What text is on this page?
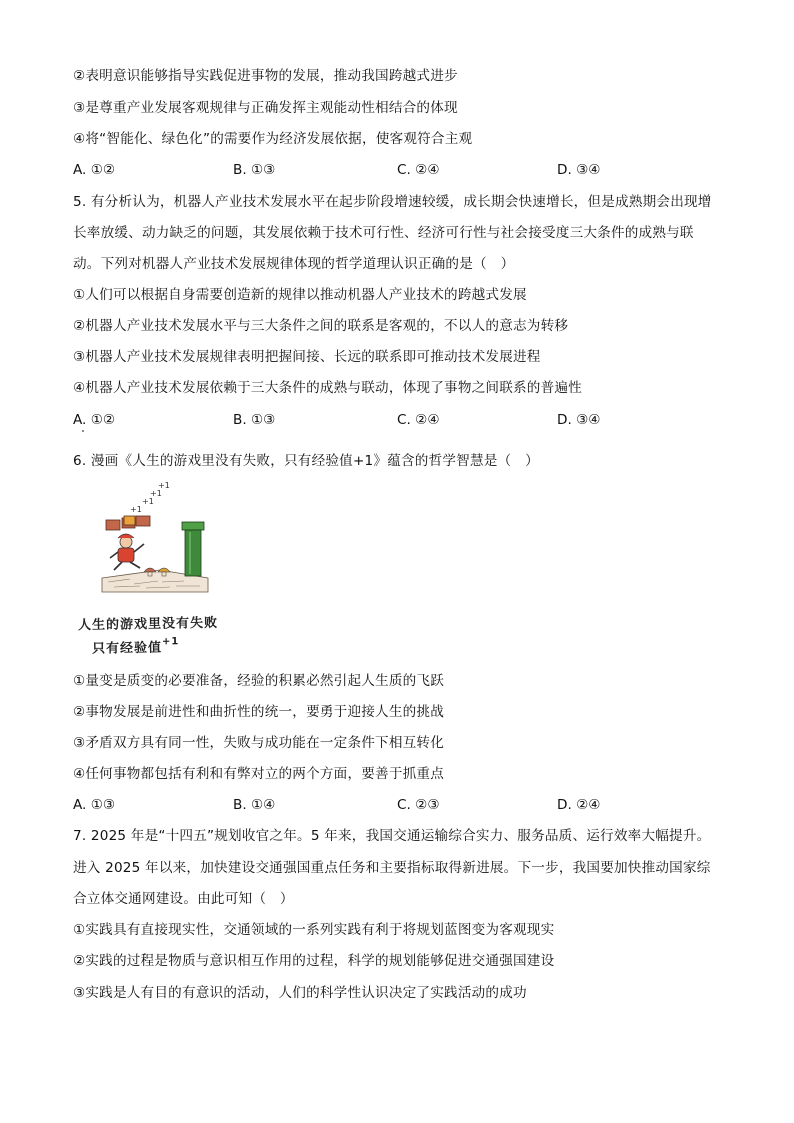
②表明意识能够指导实践促进事物的发展，推动我国跨越式进步
③是尊重产业发展客观规律与正确发挥主观能动性相结合的体现
④将“智能化、绿色化”的需要作为经济发展依据，使客观符合主观
A. ①②	B. ①③	C. ②④	D. ③④
5. 有分析认为，机器人产业技术发展水平在起步阶段增速较缓，成长期会快速增长，但是成熟期会出现增
长率放缓、动力缺乏的问题，其发展依赖于技术可行性、经济可行性与社会接受度三大条件的成熟与联
动。下列对机器人产业技术发展规律体现的哲学道理认识正确的是（　）
①人们可以根据自身需要创造新的规律以推动机器人产业技术的跨越式发展
②机器人产业技术发展水平与三大条件之间的联系是客观的，不以人的意志为转移
③机器人产业技术发展规律表明把握间接、长远的联系即可推动技术发展进程
④机器人产业技术发展依赖于三大条件的成熟与联动，体现了事物之间联系的普遍性
A. ①②	B. ①③	C. ②④	D. ③④
6. 漫画《人生的游戏里没有失败，只有经验值+1》蕴含的哲学智慧是（　）
+1
+1
+1
+1
人生的游戏里没有失败
只有经验值$^{+1}$
①量变是质变的必要准备，经验的积累必然引起人生质的飞跃
②事物发展是前进性和曲折性的统一，要勇于迎接人生的挑战
③矛盾双方具有同一性，失败与成功能在一定条件下相互转化
④任何事物都包括有利和有弊对立的两个方面，要善于抓重点
A. ①③	B. ①④	C. ②③	D. ②④
7. 2025 年是“十四五”规划收官之年。5 年来，我国交通运输综合实力、服务品质、运行效率大幅提升。
进入 2025 年以来，加快建设交通强国重点任务和主要指标取得新进展。下一步，我国要加快推动国家综
合立体交通网建设。由此可知（　）
①实践具有直接现实性，交通领域的一系列实践有利于将规划蓝图变为客观现实
②实践的过程是物质与意识相互作用的过程，科学的规划能够促进交通强国建设
③实践是人有目的有意识的活动，人们的科学性认识决定了实践活动的成功
